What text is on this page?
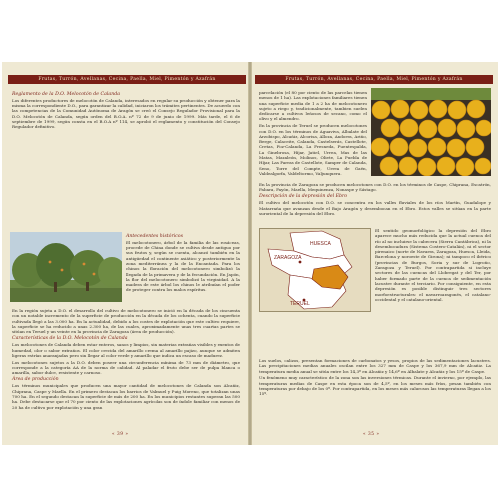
Frutas, Turrón, Avellanas, Cecina, Paella, Miel, Pimentón y Azafrán
Reglamento de la D.O. Melocotón de Calanda

Los diferentes productores de melocotón de Calanda, interesados en regular su producción y obtener para la misma la correspondiente D.O., para garantizar la calidad, iniciaron los trámites pertinentes. De acuerdo con las competencias de la Comunidad Autónoma de Aragón se creó el Consejo Regulador Provisional para la D.O. Melocotón de Calanda, según orden del B.O.A. nº 72 de 9 de junio de 1999. Más tarde, el 6 de septiembre de 1999, según consta en el B.O.A nº 114, se aprobó el reglamento y constitución del Consejo Regulador definitivo.

Antecedentes históricos

El melocotonero, árbol de la familia de las rosáceas, procede de China donde se cultiva desde antiguo por sus frutos y, según se cuenta, alcanzó también en la antigüedad el continente asiático y posteriormente la zona mediterránea y la de la Encantada. Para los chinos la floración del melocotonero simbolizó la llegada de la primavera y de la fecundación. En Japón, la flor del melocotonero simbolizó la virginidad. A la madera de este árbol los chinos le atribuían el poder de proteger contra los malos espíritus.

En la región sujeta a D.O. el desarrollo del cultivo de melocotonero se inició en la década de los cincuenta con un notable incremento de la superficie de producción en la década de los ochenta, cuando la superficie cultivada llegó a las 3.000 ha. En la actualidad, debido a los costes de explotación que este cultivo requiere, la superficie se ha reducido a unas 2.300 ha, de las cuales, aproximadamente unas tres cuartas partes se sitúan en Teruel y un veinte en la provincia de Zaragoza (área de producción).

Características de la D.O. Melocotón de Calanda

Los melocotones de Calanda deben estar enteros, sanos y limpios, sin materias extrañas visibles y exentos de humedad, olor o sabor extraños. El color crecida del amarillo crema al amarillo pajizo, aunque se admiten ligeras estrías anaranjadas pero sin llegar al color verde y amarillo que indica un escaso de madurez.

Los melocotones sujetos a la D.O. deben poseer una circunferencia mínima de 73 mm de diámetro, que corresponde a la categoría AA de la norma de calidad. Al paladar el fruto debe ser de pulpa blanca o amarilla, sabor dulce, resistente y carnoso.

Área de producción

Los términos municipales que producen una mayor cantidad de melocotones de Calanda son Alcañiz, Chiprana, Caspe y Maella. En el primero destacan los barrios de Valmuel y Puig Moreno, que totalizan unas 700 ha. En el segundo destacan la superficie de más de 200 ha. En los municipios restantes superan las 500 ha. Debe destacarse que el 70 por ciento de las explotaciones agrícolas son de índole familiar con menos de 20 ha de cultivo por explotación y una gran

« 39 »
Frutas, Turrón, Avellanas, Cecina, Paella, Miel, Pimentón y Azafrán

parcelación (el 80 por ciento de las parcelas tienen menos de 1 ha). Las explotaciones familiares tienen una superficie media de 1 a 2 ha de melocotonero sujeto a riego y, tradicionalmente, tambien suelen dedicarse a cultivos leñosos de secano, como el olivo y el almendro.

En la provincia de Teruel se producen melocotones con D.O. en los términos de Aguaviva, Albalate del Arzobispo, Alcañiz, Alcorisa, Alloza, Andorra, Ariño, Berge, Calaceite, Calanda, Castelserás, Castellote, Cretas, Foz-Calanda, La Fresneda, Fuentespalda, La Ginebrosa, Híjar, Jatiel, Urrea, Mas de las Matas, Mazaleón, Molinos, Oliete, La Puebla de Híjar, Las Parras de Castellote, Samper de Calanda, Seno, Torre del Compte, Urrea de Gaén, Valdealgorfa, Valdeltormo, Valjunquera.

En la provincia de Zaragoza se producen melocotones con D.O. en los términos de Caspe, Chiprana, Escatrón, Fabara, Fayón, Maella, Mequinenza, Nonaspe y Sástago.

Descripción de la depresión del Ebro

El cultivo del melocotón con D.O. se concentra en los valles fluviales de los ríos Martín, Guadalope y Matarraña que avanzan desde el Bajo Aragón y desembocan en el Ebro. Estos valles se sitúan en la parte suroriental de la depresión del Ebro.

HUESCA
ZARAGOZA
TERUEL

El sentido geomorfológico la depresión del Ebro aparece mucho más reducida que la actual cuenca del río al no incluirse la cabecera (Sierra Cantábrica), ni la desembocadura (Sistema Costero-Catalán), ni el sector pirenaico (norte de Navarra, Zaragoza, Huesca, Lleida, Barcelona y noroeste de Girona); ni tampoco el ibérico (provincias de Burgos, Soria y sur de Logroño, Zaragoza y Teruel). Por contrapartida si incluye sectores de las cuencas del Llobregat y del Ter, por haber formado parte de la cuenca de sedimentación lacustre durante el terciario. Por consiguiente, en esta depresión es posible distinguir tres sectores morfoestructurales: el navarroaragonés, el catalano-occidental y el catalano-oriental.

Los suelos, calizos, presentan formaciones de carbonatos y yesos, propios de las sedimentaciones lacustres. Las precipitaciones medias anuales oscilan entre los 327 mm de Caspe y los 367,9 mm de Alcañiz. La temperatura media anual se sitúa entre los 14,3º en Alcañiz y 14,6º en Albalate y Alcañiz y los 15º de Caspe.

Un fenómeno muy característico de la zona son las inversiones térmicas. Durante el invierno, por ejemplo, las temperaturas medias de Caspe en esta época son de 4,5º, en los meses más fríos, pesan también con temperaturas por debajo de los 0º. Por contrapartida, en los meses más calurosos las temperaturas llegan a los 15º.

« 35 »
